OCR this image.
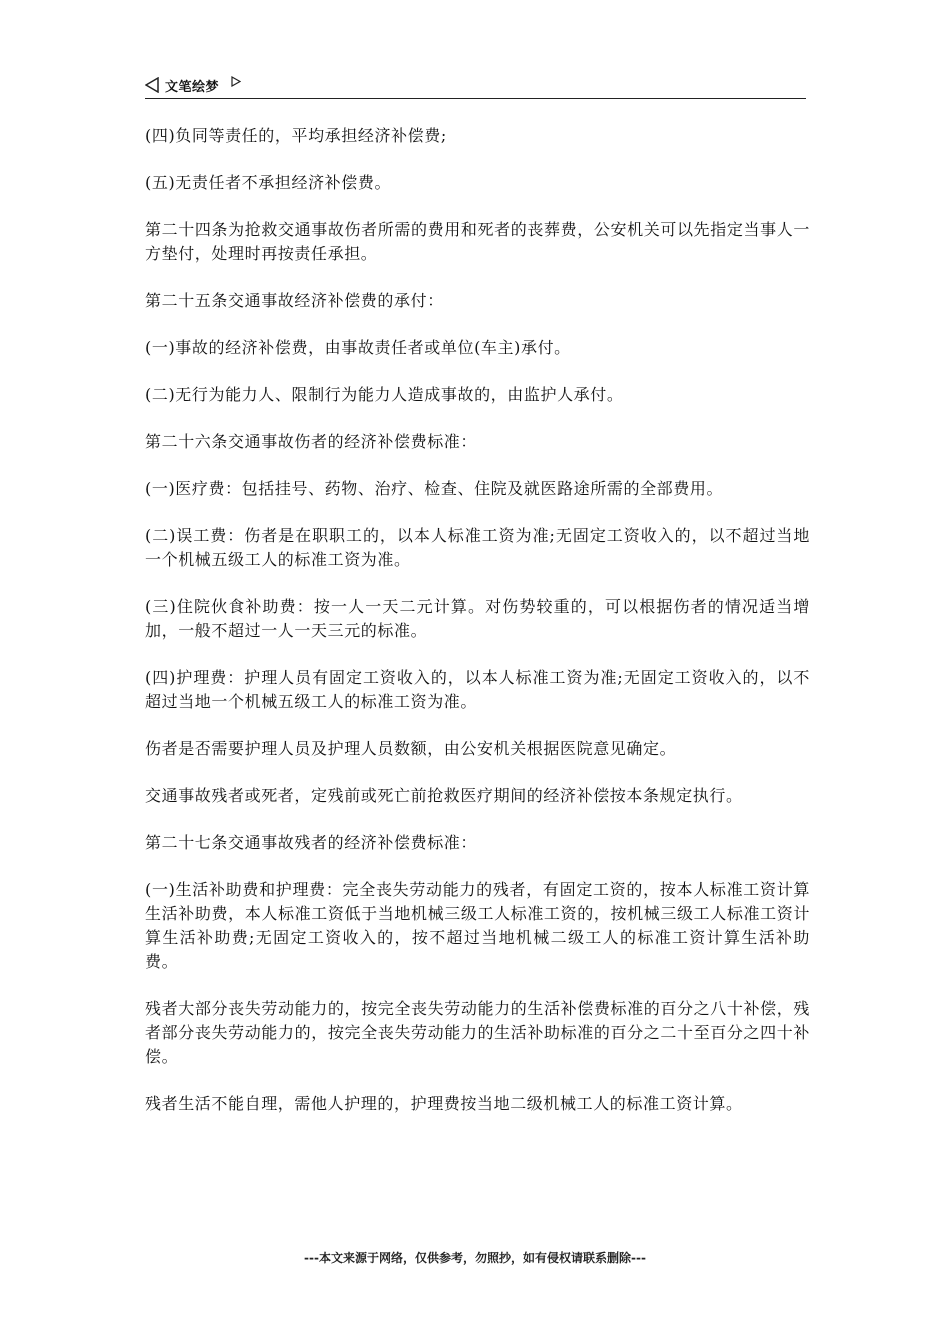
文笔绘梦

(四)负同等责任的，平均承担经济补偿费;

(五)无责任者不承担经济补偿费。

第二十四条为抢救交通事故伤者所需的费用和死者的丧葬费，公安机关可以先指定当事人一方垫付，处理时再按责任承担。

第二十五条交通事故经济补偿费的承付：

(一)事故的经济补偿费，由事故责任者或单位(车主)承付。

(二)无行为能力人、限制行为能力人造成事故的，由监护人承付。

第二十六条交通事故伤者的经济补偿费标准：

(一)医疗费：包括挂号、药物、治疗、检查、住院及就医路途所需的全部费用。

(二)误工费：伤者是在职职工的，以本人标准工资为准;无固定工资收入的，以不超过当地一个机械五级工人的标准工资为准。

(三)住院伙食补助费：按一人一天二元计算。对伤势较重的，可以根据伤者的情况适当增加，一般不超过一人一天三元的标准。

(四)护理费：护理人员有固定工资收入的，以本人标准工资为准;无固定工资收入的，以不超过当地一个机械五级工人的标准工资为准。

伤者是否需要护理人员及护理人员数额，由公安机关根据医院意见确定。

交通事故残者或死者，定残前或死亡前抢救医疗期间的经济补偿按本条规定执行。

第二十七条交通事故残者的经济补偿费标准：

(一)生活补助费和护理费：完全丧失劳动能力的残者，有固定工资的，按本人标准工资计算生活补助费，本人标准工资低于当地机械三级工人标准工资的，按机械三级工人标准工资计算生活补助费;无固定工资收入的，按不超过当地机械二级工人的标准工资计算生活补助费。

残者大部分丧失劳动能力的，按完全丧失劳动能力的生活补偿费标准的百分之八十补偿，残者部分丧失劳动能力的，按完全丧失劳动能力的生活补助标准的百分之二十至百分之四十补偿。

残者生活不能自理，需他人护理的，护理费按当地二级机械工人的标准工资计算。

---本文来源于网络，仅供参考，勿照抄，如有侵权请联系删除---
